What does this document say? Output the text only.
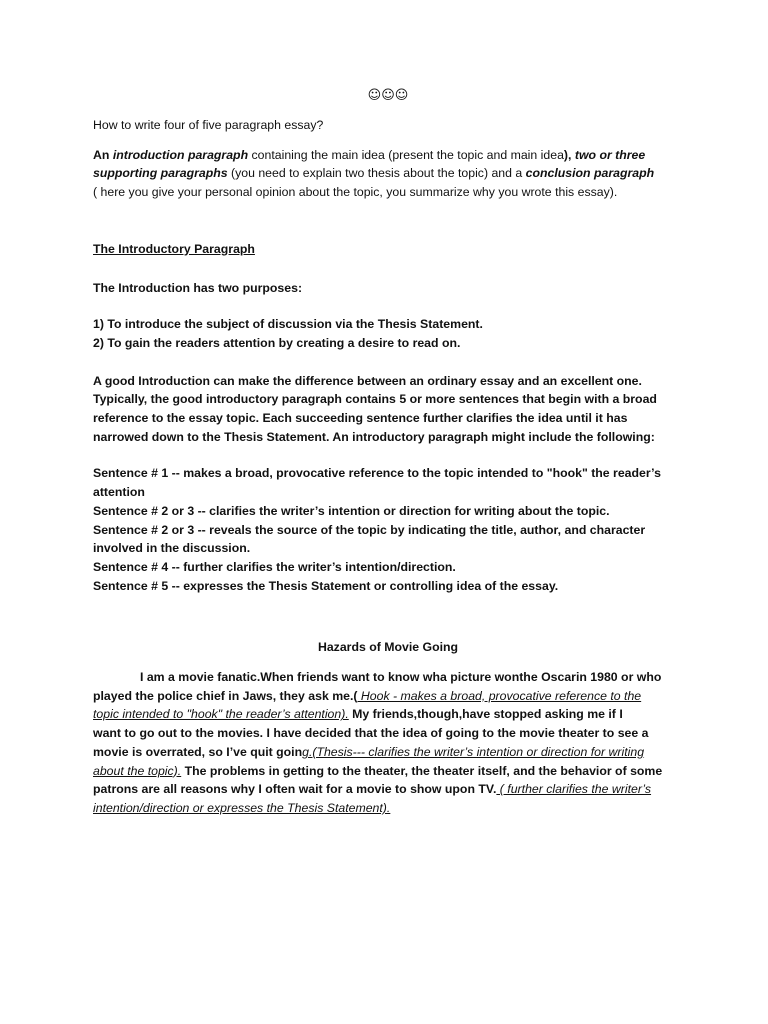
☺☺☺

How to write four of five paragraph essay?

An introduction paragraph containing the main idea (present the topic and main idea), two or three
supporting paragraphs (you need to explain two thesis about the topic) and a conclusion paragraph
( here you give your personal opinion about the topic, you summarize why you wrote this essay).

The Introductory Paragraph

The Introduction has two purposes:

1) To introduce the subject of discussion via the Thesis Statement.
2) To gain the readers attention by creating a desire to read on.
A good Introduction can make the difference between an ordinary essay and an excellent one.
Typically, the good introductory paragraph contains 5 or more sentences that begin with a broad
reference to the essay topic. Each succeeding sentence further clarifies the idea until it has
narrowed down to the Thesis Statement. An introductory paragraph might include the following:
Sentence # 1 -- makes a broad, provocative reference to the topic intended to "hook" the reader’s
attention
Sentence # 2 or 3 -- clarifies the writer’s intention or direction for writing about the topic.
Sentence # 2 or 3 -- reveals the source of the topic by indicating the title, author, and character
involved in the discussion.
Sentence # 4 -- further clarifies the writer’s intention/direction.
Sentence # 5 -- expresses the Thesis Statement or controlling idea of the essay.

Hazards of Movie Going

I am a movie fanatic.When friends want to know wha picture wonthe Oscarin 1980 or who
played the police chief in Jaws, they ask me.( Hook - makes a broad, provocative reference to the
topic intended to "hook" the reader’s attention). My friends,though,have stopped asking me if I
want to go out to the movies. I have decided that the idea of going to the movie theater to see a
movie is overrated, so I’ve quit going.(Thesis--- clarifies the writer’s intention or direction for writing
about the topic). The problems in getting to the theater, the theater itself, and the behavior of some
patrons are all reasons why I often wait for a movie to show upon TV. ( further clarifies the writer’s
intention/direction or expresses the Thesis Statement).
